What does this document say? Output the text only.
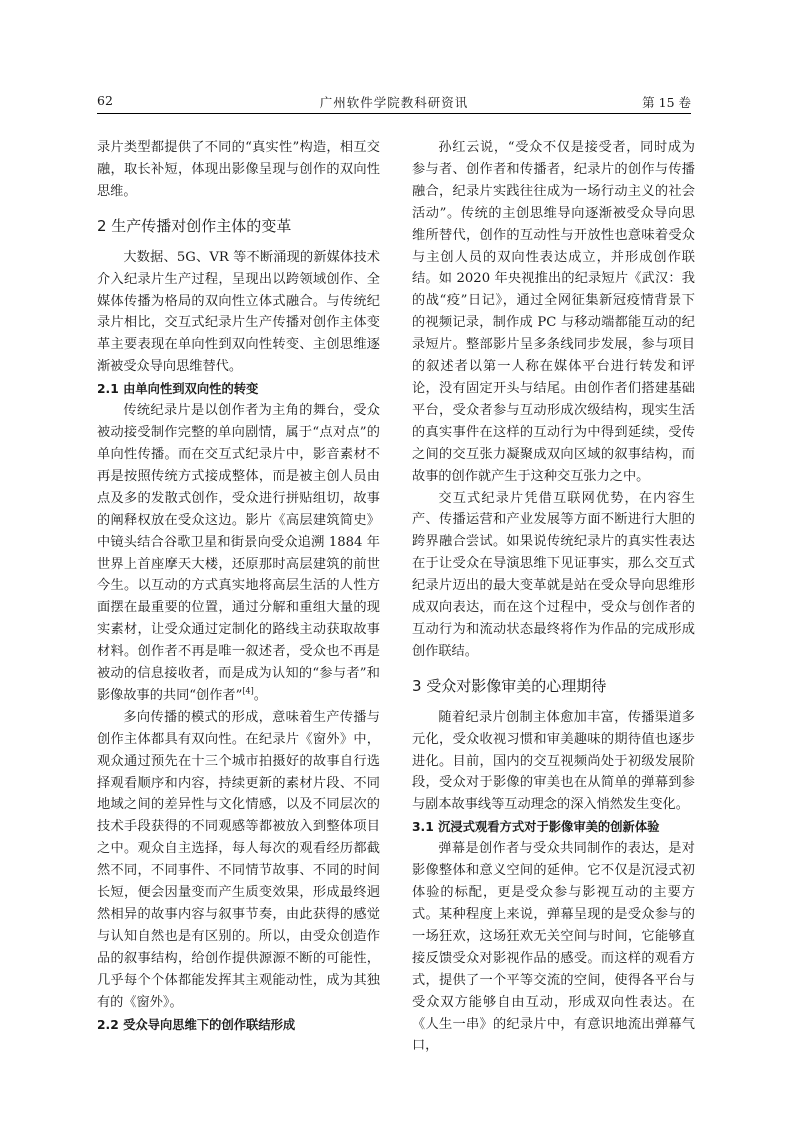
62	广州软件学院教科研资讯	第 15 卷

录片类型都提供了不同的“真实性”构造，相互交融，取长补短，体现出影像呈现与创作的双向性思维。

2 生产传播对创作主体的变革

大数据、5G、VR 等不断涌现的新媒体技术介入纪录片生产过程，呈现出以跨领域创作、全媒体传播为格局的双向性立体式融合。与传统纪录片相比，交互式纪录片生产传播对创作主体变革主要表现在单向性到双向性转变、主创思维逐渐被受众导向思维替代。

2.1 由单向性到双向性的转变

传统纪录片是以创作者为主角的舞台，受众被动接受制作完整的单向剧情，属于“点对点”的单向性传播。而在交互式纪录片中，影音素材不再是按照传统方式接成整体，而是被主创人员由点及多的发散式创作，受众进行拼贴组切，故事的阐释权放在受众这边。影片《高层建筑简史》中镜头结合谷歌卫星和街景向受众追溯 1884 年世界上首座摩天大楼，还原那时高层建筑的前世今生。以互动的方式真实地将高层生活的人性方面摆在最重要的位置，通过分解和重组大量的现实素材，让受众通过定制化的路线主动获取故事材料。创作者不再是唯一叙述者，受众也不再是被动的信息接收者，而是成为认知的“参与者”和影像故事的共同“创作者”[4]。

多向传播的模式的形成，意味着生产传播与创作主体都具有双向性。在纪录片《窗外》中，观众通过预先在十三个城市拍摄好的故事自行选择观看顺序和内容，持续更新的素材片段、不同地域之间的差异性与文化情感，以及不同层次的技术手段获得的不同观感等都被放入到整体项目之中。观众自主选择，每人每次的观看经历都截然不同，不同事件、不同情节故事、不同的时间长短，便会因量变而产生质变效果，形成最终迥然相异的故事内容与叙事节奏，由此获得的感觉与认知自然也是有区别的。所以，由受众创造作品的叙事结构，给创作提供源源不断的可能性，几乎每个个体都能发挥其主观能动性，成为其独有的《窗外》。

2.2 受众导向思维下的创作联结形成

孙红云说，“受众不仅是接受者，同时成为参与者、创作者和传播者，纪录片的创作与传播融合，纪录片实践往往成为一场行动主义的社会活动”。传统的主创思维导向逐渐被受众导向思维所替代，创作的互动性与开放性也意味着受众与主创人员的双向性表达成立，并形成创作联结。如 2020 年央视推出的纪录短片《武汉：我的战“疫”日记》，通过全网征集新冠疫情背景下的视频记录，制作成 PC 与移动端都能互动的纪录短片。整部影片呈多条线同步发展，参与项目的叙述者以第一人称在媒体平台进行转发和评论，没有固定开头与结尾。由创作者们搭建基础平台，受众者参与互动形成次级结构，现实生活的真实事件在这样的互动行为中得到延续，受传之间的交互张力凝聚成双向区域的叙事结构，而故事的创作就产生于这种交互张力之中。

交互式纪录片凭借互联网优势，在内容生产、传播运营和产业发展等方面不断进行大胆的跨界融合尝试。如果说传统纪录片的真实性表达在于让受众在导演思维下见证事实，那么交互式纪录片迈出的最大变革就是站在受众导向思维形成双向表达，而在这个过程中，受众与创作者的互动行为和流动状态最终将作为作品的完成形成创作联结。

3 受众对影像审美的心理期待

随着纪录片创制主体愈加丰富，传播渠道多元化，受众收视习惯和审美趣味的期待值也逐步进化。目前，国内的交互视频尚处于初级发展阶段，受众对于影像的审美也在从简单的弹幕到参与剧本故事线等互动理念的深入悄然发生变化。

3.1 沉浸式观看方式对于影像审美的创新体验

弹幕是创作者与受众共同制作的表达，是对影像整体和意义空间的延伸。它不仅是沉浸式初体验的标配，更是受众参与影视互动的主要方式。某种程度上来说，弹幕呈现的是受众参与的一场狂欢，这场狂欢无关空间与时间，它能够直接反馈受众对影视作品的感受。而这样的观看方式，提供了一个平等交流的空间，使得各平台与受众双方能够自由互动，形成双向性表达。在《人生一串》的纪录片中，有意识地流出弹幕气口，
